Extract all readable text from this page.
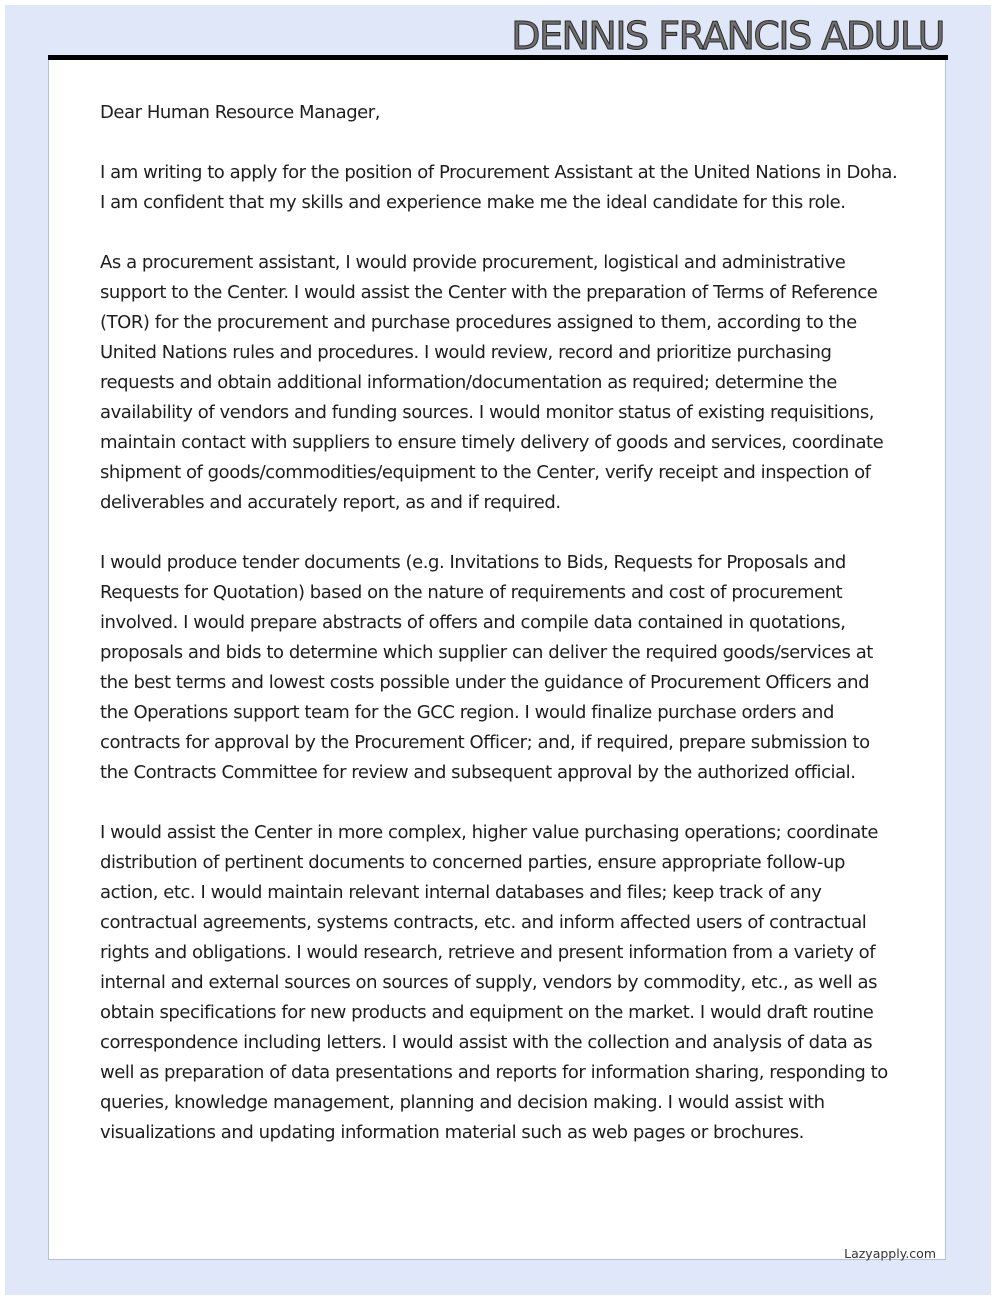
DENNIS FRANCIS ADULU

Dear Human Resource Manager,

I am writing to apply for the position of Procurement Assistant at the United Nations in Doha. I am confident that my skills and experience make me the ideal candidate for this role.

As a procurement assistant, I would provide procurement, logistical and administrative support to the Center. I would assist the Center with the preparation of Terms of Reference (TOR) for the procurement and purchase procedures assigned to them, according to the United Nations rules and procedures. I would review, record and prioritize purchasing requests and obtain additional information/documentation as required; determine the availability of vendors and funding sources. I would monitor status of existing requisitions, maintain contact with suppliers to ensure timely delivery of goods and services, coordinate shipment of goods/commodities/equipment to the Center, verify receipt and inspection of deliverables and accurately report, as and if required.

I would produce tender documents (e.g. Invitations to Bids, Requests for Proposals and Requests for Quotation) based on the nature of requirements and cost of procurement involved. I would prepare abstracts of offers and compile data contained in quotations, proposals and bids to determine which supplier can deliver the required goods/services at the best terms and lowest costs possible under the guidance of Procurement Officers and the Operations support team for the GCC region. I would finalize purchase orders and contracts for approval by the Procurement Officer; and, if required, prepare submission to the Contracts Committee for review and subsequent approval by the authorized official.

I would assist the Center in more complex, higher value purchasing operations; coordinate distribution of pertinent documents to concerned parties, ensure appropriate follow-up action, etc. I would maintain relevant internal databases and files; keep track of any contractual agreements, systems contracts, etc. and inform affected users of contractual rights and obligations. I would research, retrieve and present information from a variety of internal and external sources on sources of supply, vendors by commodity, etc., as well as obtain specifications for new products and equipment on the market. I would draft routine correspondence including letters. I would assist with the collection and analysis of data as well as preparation of data presentations and reports for information sharing, responding to queries, knowledge management, planning and decision making. I would assist with visualizations and updating information material such as web pages or brochures.

Lazyapply.com
